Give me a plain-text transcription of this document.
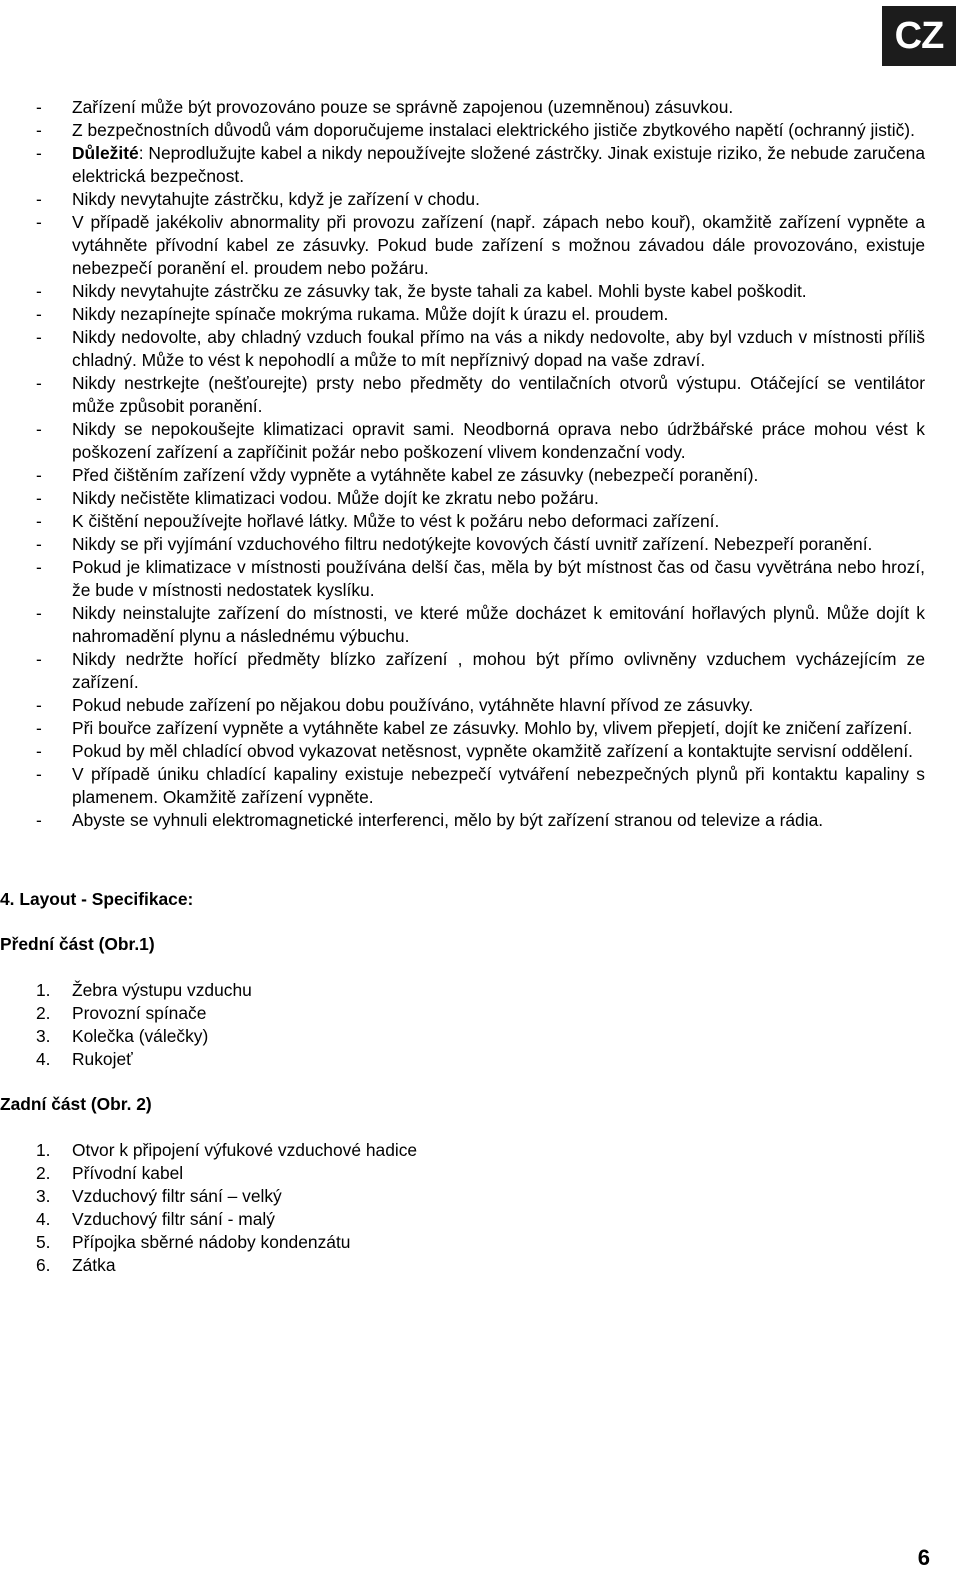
CZ
- Zařízení může být provozováno pouze se správně zapojenou (uzemněnou) zásuvkou.
- Z bezpečnostních důvodů vám doporučujeme instalaci elektrického jističe zbytkového napětí (ochranný jistič).
- Důležité: Neprodlužujte kabel a nikdy nepoužívejte složené zástrčky. Jinak existuje riziko, že nebude zaručena elektrická bezpečnost.
- Nikdy nevytahujte zástrčku, když je zařízení v chodu.
- V případě jakékoliv abnormality při provozu zařízení (např. zápach nebo kouř), okamžitě zařízení vypněte a vytáhněte přívodní kabel ze zásuvky. Pokud bude zařízení s možnou závadou dále provozováno, existuje nebezpečí poranění el. proudem nebo požáru.
- Nikdy nevytahujte zástrčku ze zásuvky tak, že byste tahali za kabel. Mohli byste kabel poškodit.
- Nikdy nezapínejte spínače mokrýma rukama. Může dojít k úrazu el. proudem.
- Nikdy nedovolte, aby chladný vzduch foukal přímo na vás a nikdy nedovolte, aby byl vzduch v místnosti příliš chladný. Může to vést k nepohodlí a může to mít nepříznivý dopad na vaše zdraví.
- Nikdy nestrkejte (nešťourejte) prsty nebo předměty do ventilačních otvorů výstupu. Otáčející se ventilátor může způsobit poranění.
- Nikdy se nepokoušejte klimatizaci opravit sami. Neodborná oprava nebo údržbářské práce mohou vést k poškození zařízení a zapříčinit požár nebo poškození vlivem kondenzační vody.
- Před čištěním zařízení vždy vypněte a vytáhněte kabel ze zásuvky (nebezpečí poranění).
- Nikdy nečistěte klimatizaci vodou. Může dojít ke zkratu nebo požáru.
- K čištění nepoužívejte hořlavé látky. Může to vést k požáru nebo deformaci zařízení.
- Nikdy se při vyjímání vzduchového filtru nedotýkejte kovových částí uvnitř zařízení. Nebezpeří poranění.
- Pokud je klimatizace v místnosti používána delší čas, měla by být místnost čas od času vyvětrána nebo hrozí, že bude v místnosti nedostatek kyslíku.
- Nikdy neinstalujte zařízení do místnosti, ve které může docházet k emitování hořlavých plynů. Může dojít k nahromadění plynu a následnému výbuchu.
- Nikdy nedržte hořící předměty blízko zařízení , mohou být přímo ovlivněny vzduchem vycházejícím ze zařízení.
- Pokud nebude zařízení po nějakou dobu používáno, vytáhněte hlavní přívod ze zásuvky.
- Při bouřce zařízení vypněte a vytáhněte kabel ze zásuvky. Mohlo by, vlivem přepjetí, dojít ke zničení zařízení.
- Pokud by měl chladící obvod vykazovat netěsnost, vypněte okamžitě zařízení a kontaktujte servisní oddělení.
- V případě úniku chladící kapaliny existuje nebezpečí vytváření nebezpečných plynů při kontaktu kapaliny s plamenem. Okamžitě zařízení vypněte.
- Abyste se vyhnuli elektromagnetické interferenci, mělo by být zařízení stranou od televize a rádia.
4. Layout - Specifikace:
Přední část (Obr.1)
1. Žebra výstupu vzduchu
2. Provozní spínače
3. Kolečka (válečky)
4. Rukojeť
Zadní část (Obr. 2)
1. Otvor k připojení výfukové vzduchové hadice
2. Přívodní kabel
3. Vzduchový filtr sání – velký
4. Vzduchový filtr sání - malý
5. Přípojka sběrné nádoby kondenzátu
6. Zátka
6
